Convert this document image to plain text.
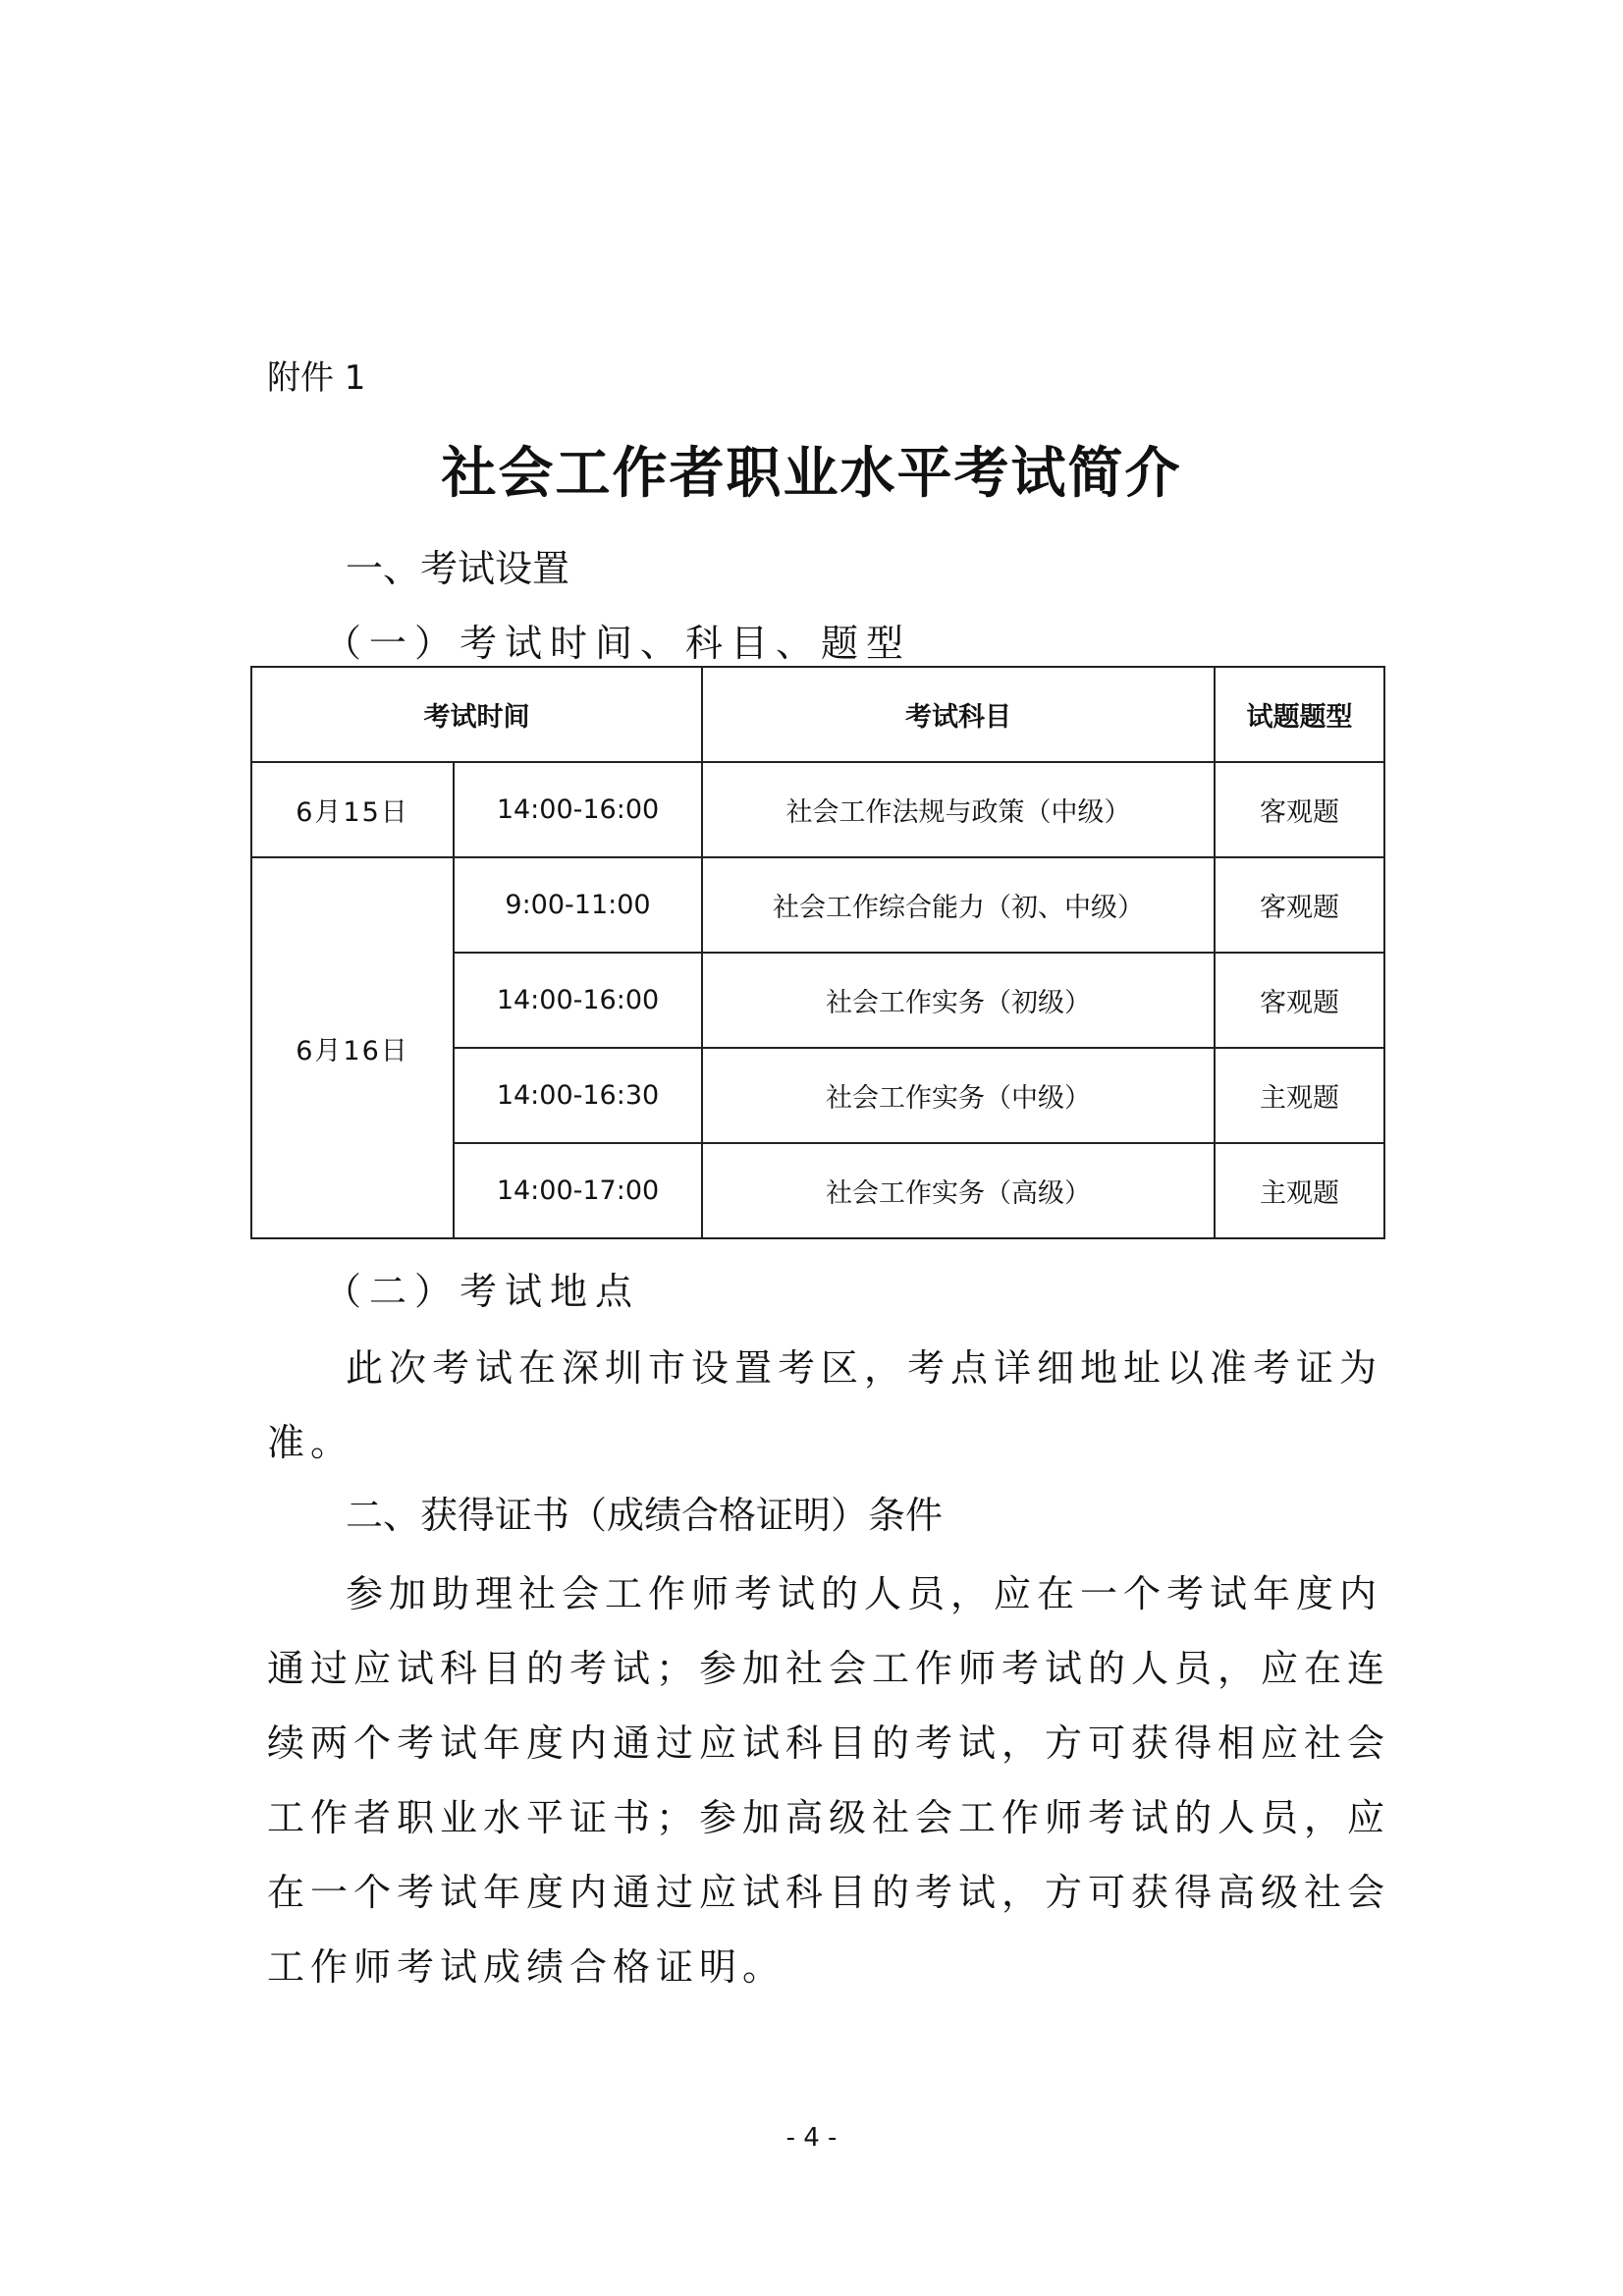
附件 1
社会工作者职业水平考试简介
一、考试设置
（一）考试时间、科目、题型
考试时间		考试科目	试题题型
6月15日	14:00-16:00	社会工作法规与政策（中级）	客观题
6月16日	9:00-11:00	社会工作综合能力（初、中级）	客观题
	14:00-16:00	社会工作实务（初级）	客观题
	14:00-16:30	社会工作实务（中级）	主观题
	14:00-17:00	社会工作实务（高级）	主观题
（二）考试地点
此次考试在深圳市设置考区，考点详细地址以准考证为
准。
二、获得证书（成绩合格证明）条件
参加助理社会工作师考试的人员，应在一个考试年度内
通过应试科目的考试；参加社会工作师考试的人员，应在连
续两个考试年度内通过应试科目的考试，方可获得相应社会
工作者职业水平证书；参加高级社会工作师考试的人员，应
在一个考试年度内通过应试科目的考试，方可获得高级社会
工作师考试成绩合格证明。
- 4 -
